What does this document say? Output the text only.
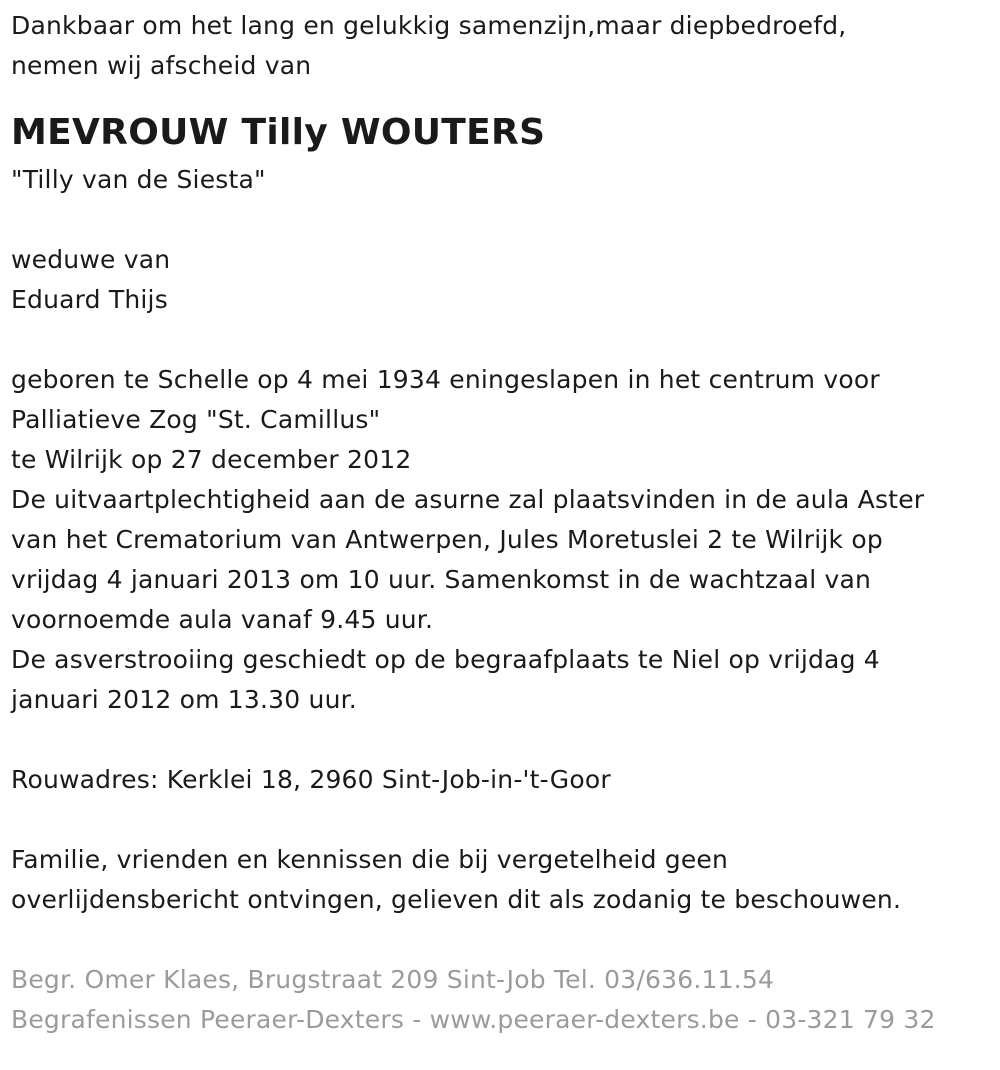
Dankbaar om het lang en gelukkig samenzijn,maar diepbedroefd,
nemen wij afscheid van
MEVROUW Tilly WOUTERS
"Tilly van de Siesta"
weduwe van
Eduard Thijs
geboren te Schelle op 4 mei 1934 eningeslapen in het centrum voor
Palliatieve Zog "St. Camillus"
te Wilrijk op 27 december 2012
De uitvaartplechtigheid aan de asurne zal plaatsvinden in de aula Aster
van het Crematorium van Antwerpen, Jules Moretuslei 2 te Wilrijk op
vrijdag 4 januari 2013 om 10 uur. Samenkomst in de wachtzaal van
voornoemde aula vanaf 9.45 uur.
De asverstrooiing geschiedt op de begraafplaats te Niel op vrijdag 4
januari 2012 om 13.30 uur.
Rouwadres: Kerklei 18, 2960 Sint-Job-in-'t-Goor
Familie, vrienden en kennissen die bij vergetelheid geen
overlijdensbericht ontvingen, gelieven dit als zodanig te beschouwen.
Begr. Omer Klaes, Brugstraat 209 Sint-Job Tel. 03/636.11.54
Begrafenissen Peeraer-Dexters - www.peeraer-dexters.be - 03-321 79 32
